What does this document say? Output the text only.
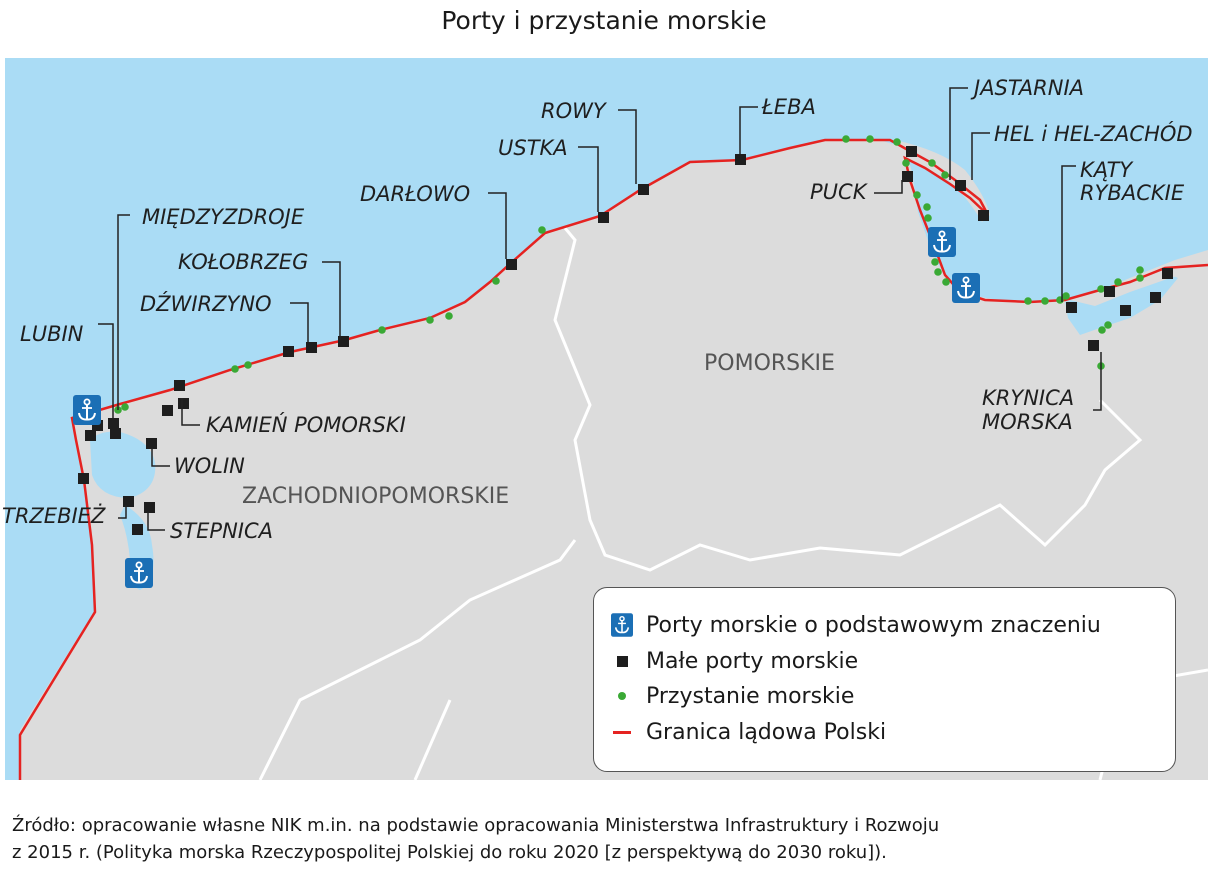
Porty i przystanie morskie
MIĘDZYZDROJE
KOŁOBRZEG
DŹWIRZYNO
LUBIN
KAMIEŃ POMORSKI
WOLIN
TRZEBIEŻ
STEPNICA
DARŁOWO
USTKA
ROWY	ŁEBA
JASTARNIA
HEL i HEL-ZACHÓD
PUCK
KĄTY
RYBACKIE
KRYNICA
MORSKA
ZACHODNIOPOMORSKIE
POMORSKIE
Porty morskie o podstawowym znaczeniu
Małe porty morskie
Przystanie morskie
Granica lądowa Polski
Źródło: opracowanie własne NIK m.in. na podstawie opracowania Ministerstwa Infrastruktury i Rozwoju
z 2015 r. (Polityka morska Rzeczypospolitej Polskiej do roku 2020 [z perspektywą do 2030 roku]).
